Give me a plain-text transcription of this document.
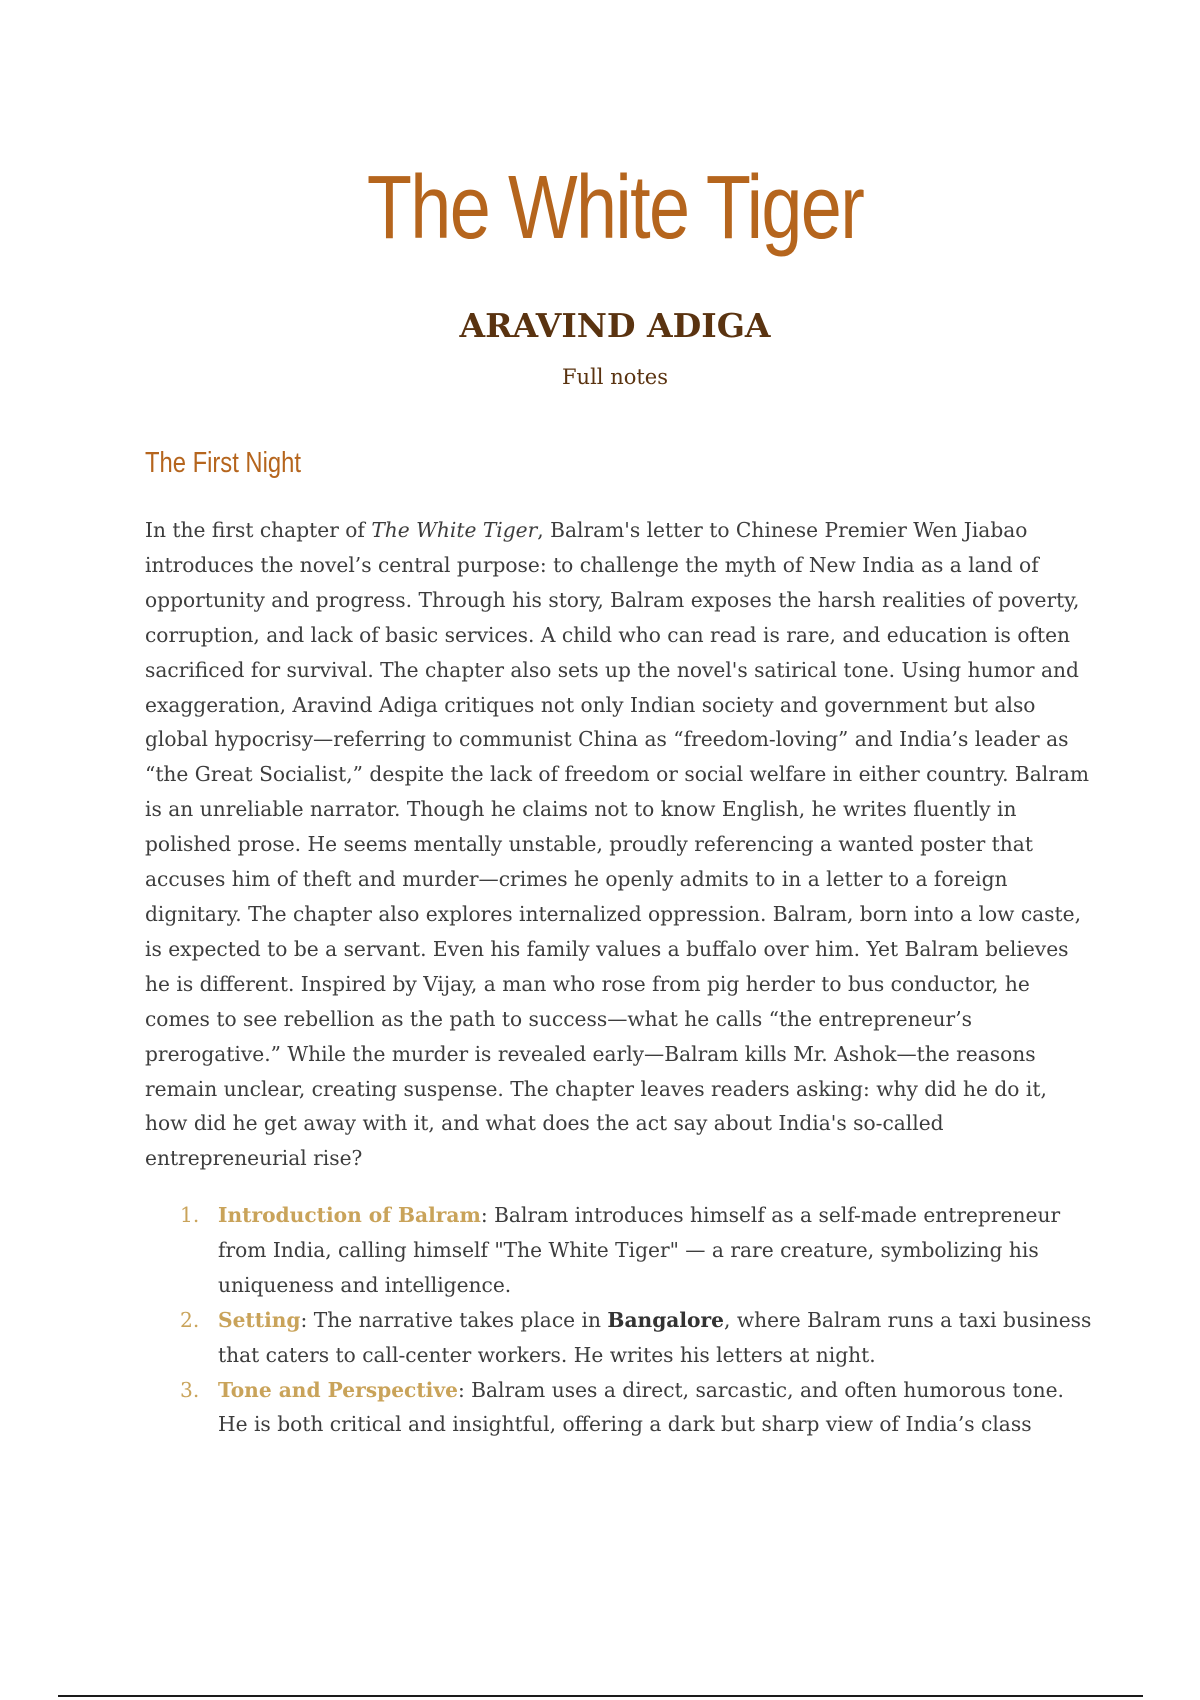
The White Tiger
ARAVIND ADIGA
Full notes
The First Night

In the first chapter of The White Tiger, Balram's letter to Chinese Premier Wen Jiabao introduces the novel’s central purpose: to challenge the myth of New India as a land of opportunity and progress. Through his story, Balram exposes the harsh realities of poverty, corruption, and lack of basic services. A child who can read is rare, and education is often sacrificed for survival. The chapter also sets up the novel's satirical tone. Using humor and exaggeration, Aravind Adiga critiques not only Indian society and government but also global hypocrisy—referring to communist China as “freedom-loving” and India’s leader as “the Great Socialist,” despite the lack of freedom or social welfare in either country. Balram is an unreliable narrator. Though he claims not to know English, he writes fluently in polished prose. He seems mentally unstable, proudly referencing a wanted poster that accuses him of theft and murder—crimes he openly admits to in a letter to a foreign dignitary. The chapter also explores internalized oppression. Balram, born into a low caste, is expected to be a servant. Even his family values a buffalo over him. Yet Balram believes he is different. Inspired by Vijay, a man who rose from pig herder to bus conductor, he comes to see rebellion as the path to success—what he calls “the entrepreneur’s prerogative.” While the murder is revealed early—Balram kills Mr. Ashok—the reasons remain unclear, creating suspense. The chapter leaves readers asking: why did he do it, how did he get away with it, and what does the act say about India's so-called entrepreneurial rise?

1. Introduction of Balram: Balram introduces himself as a self-made entrepreneur from India, calling himself "The White Tiger" — a rare creature, symbolizing his uniqueness and intelligence.
2. Setting: The narrative takes place in Bangalore, where Balram runs a taxi business that caters to call-center workers. He writes his letters at night.
3. Tone and Perspective: Balram uses a direct, sarcastic, and often humorous tone. He is both critical and insightful, offering a dark but sharp view of India’s class
